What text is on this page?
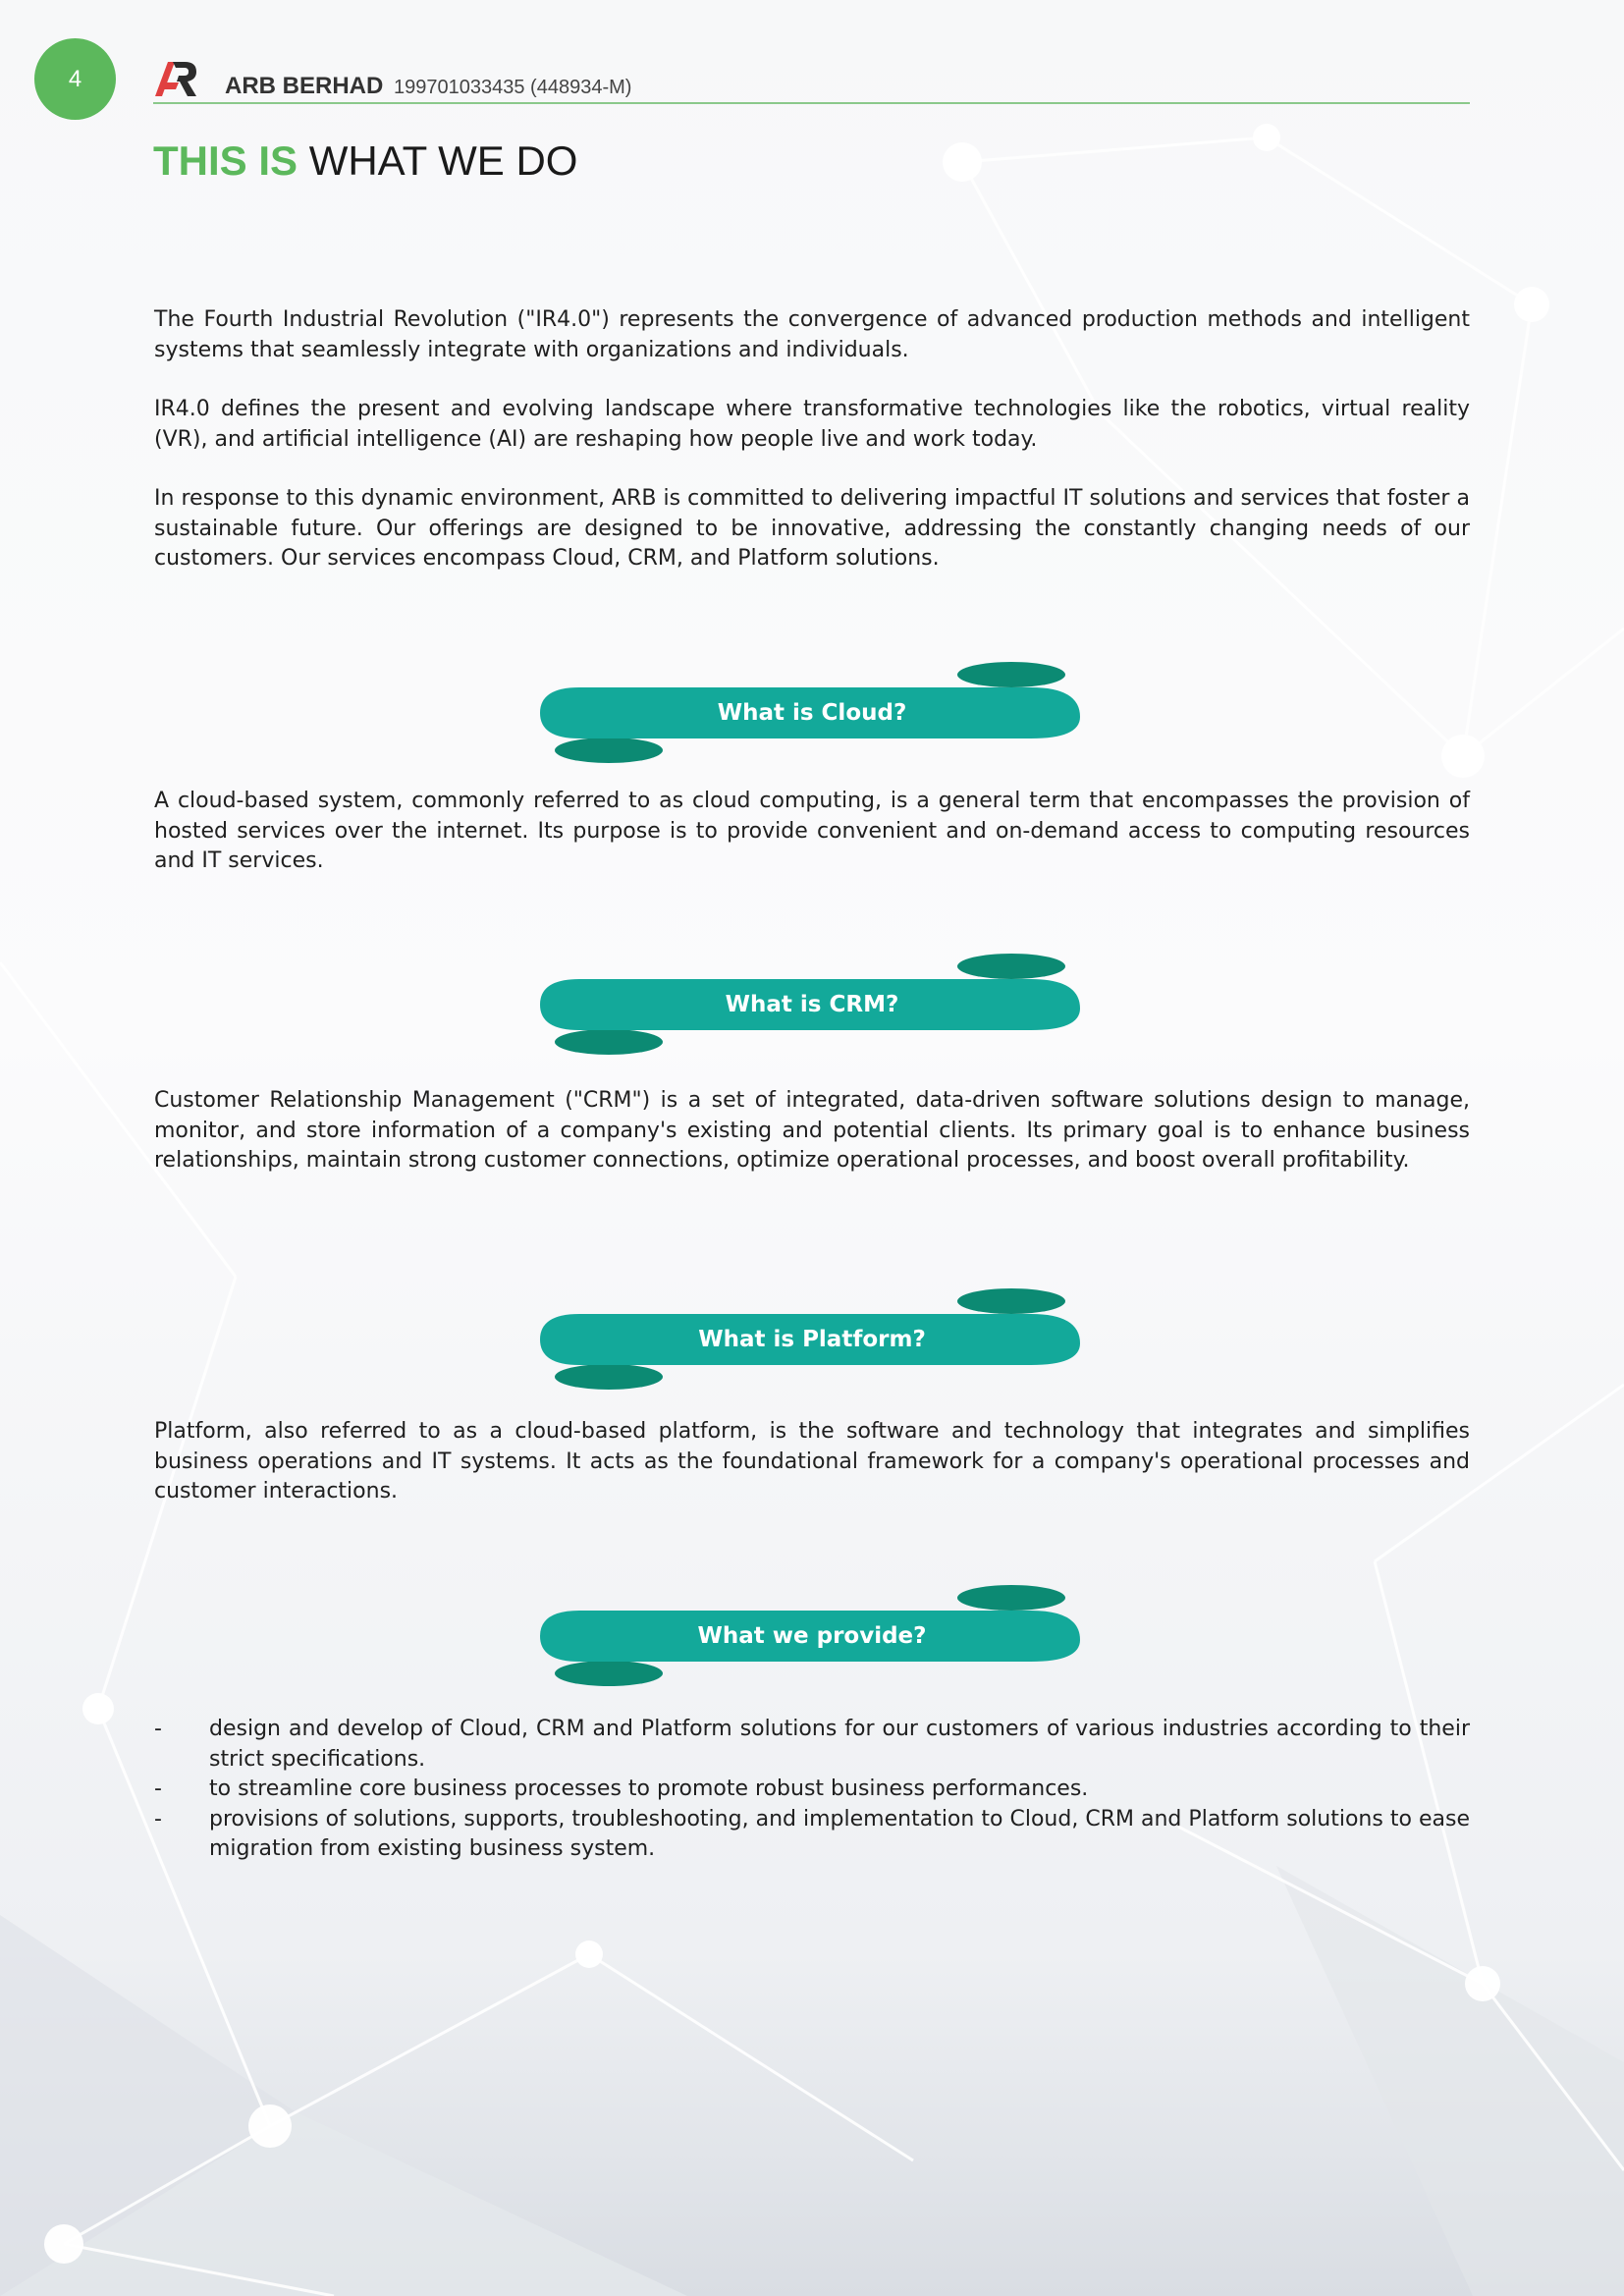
4	ARB BERHAD 199701033435 (448934-M)
THIS IS WHAT WE DO

The Fourth Industrial Revolution ("IR4.0") represents the convergence of advanced production methods and intelligent systems that seamlessly integrate with organizations and individuals.

IR4.0 defines the present and evolving landscape where transformative technologies like the robotics, virtual reality (VR), and artificial intelligence (AI) are reshaping how people live and work today.

In response to this dynamic environment, ARB is committed to delivering impactful IT solutions and services that foster a sustainable future. Our offerings are designed to be innovative, addressing the constantly changing needs of our customers. Our services encompass Cloud, CRM, and Platform solutions.

What is Cloud?

A cloud-based system, commonly referred to as cloud computing, is a general term that encompasses the provision of hosted services over the internet. Its purpose is to provide convenient and on-demand access to computing resources and IT services.

What is CRM?

Customer Relationship Management ("CRM") is a set of integrated, data-driven software solutions design to manage, monitor, and store information of a company's existing and potential clients. Its primary goal is to enhance business relationships, maintain strong customer connections, optimize operational processes, and boost overall profitability.

What is Platform?

Platform, also referred to as a cloud-based platform, is the software and technology that integrates and simplifies business operations and IT systems. It acts as the foundational framework for a company's operational processes and customer interactions.

What we provide?
- design and develop of Cloud, CRM and Platform solutions for our customers of various industries according to their strict specifications.
- to streamline core business processes to promote robust business performances.
- provisions of solutions, supports, troubleshooting, and implementation to Cloud, CRM and Platform solutions to ease migration from existing business system.
